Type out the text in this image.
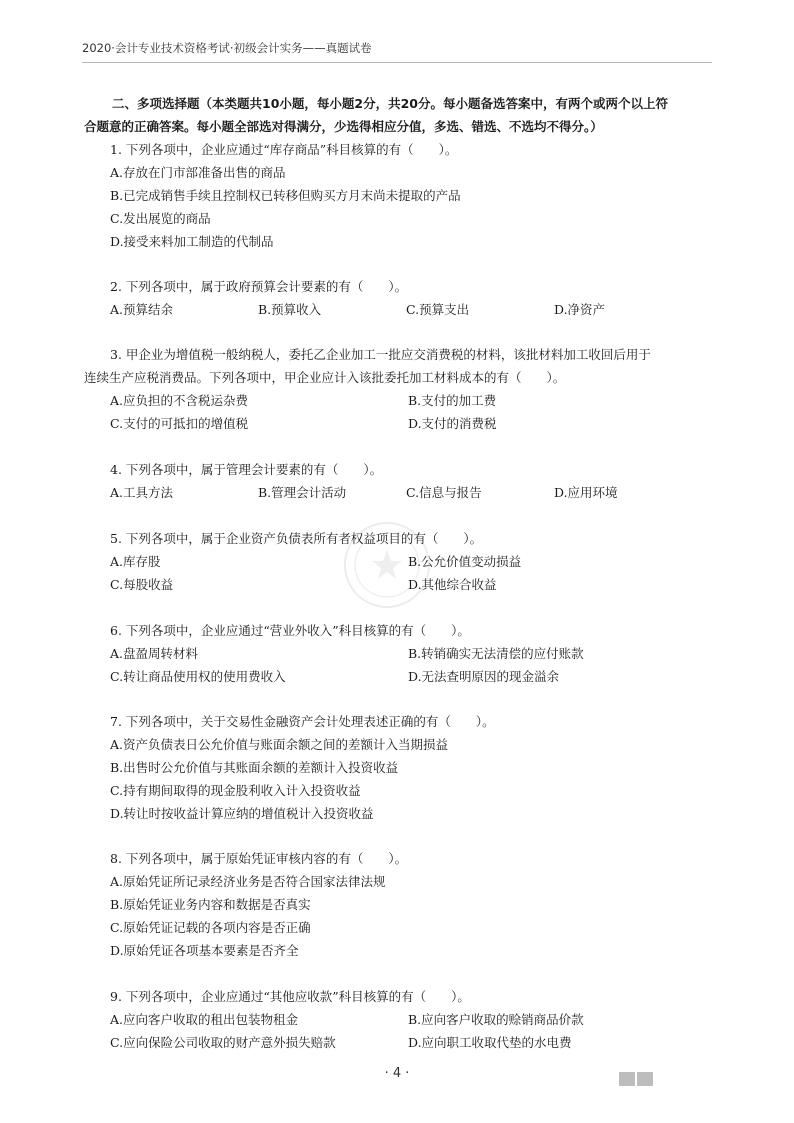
2020·会计专业技术资格考试·初级会计实务——真题试卷
二、多项选择题（本类题共10小题，每小题2分，共20分。每小题备选答案中，有两个或两个以上符
合题意的正确答案。每小题全部选对得满分，少选得相应分值，多选、错选、不选均不得分。）
1. 下列各项中，企业应通过“库存商品”科目核算的有（　　）。
A.存放在门市部准备出售的商品
B.已完成销售手续且控制权已转移但购买方月末尚未提取的产品
C.发出展览的商品
D.接受来料加工制造的代制品
2. 下列各项中，属于政府预算会计要素的有（　　）。
A.预算结余	B.预算收入	C.预算支出	D.净资产
3. 甲企业为增值税一般纳税人，委托乙企业加工一批应交消费税的材料，该批材料加工收回后用于
连续生产应税消费品。下列各项中，甲企业应计入该批委托加工材料成本的有（　　）。
A.应负担的不含税运杂费	B.支付的加工费
C.支付的可抵扣的增值税	D.支付的消费税
4. 下列各项中，属于管理会计要素的有（　　）。
A.工具方法	B.管理会计活动	C.信息与报告	D.应用环境
5. 下列各项中，属于企业资产负债表所有者权益项目的有（　　）。
A.库存股	B.公允价值变动损益
C.每股收益	D.其他综合收益
6. 下列各项中，企业应通过“营业外收入”科目核算的有（　　）。
A.盘盈周转材料	B.转销确实无法清偿的应付账款
C.转让商品使用权的使用费收入	D.无法查明原因的现金溢余
7. 下列各项中，关于交易性金融资产会计处理表述正确的有（　　）。
A.资产负债表日公允价值与账面余额之间的差额计入当期损益
B.出售时公允价值与其账面余额的差额计入投资收益
C.持有期间取得的现金股利收入计入投资收益
D.转让时按收益计算应纳的增值税计入投资收益
8. 下列各项中，属于原始凭证审核内容的有（　　）。
A.原始凭证所记录经济业务是否符合国家法律法规
B.原始凭证业务内容和数据是否真实
C.原始凭证记载的各项内容是否正确
D.原始凭证各项基本要素是否齐全
9. 下列各项中，企业应通过“其他应收款”科目核算的有（　　）。
A.应向客户收取的租出包装物租金	B.应向客户收取的赊销商品价款
C.应向保险公司收取的财产意外损失赔款	D.应向职工收取代垫的水电费
· 4 ·
